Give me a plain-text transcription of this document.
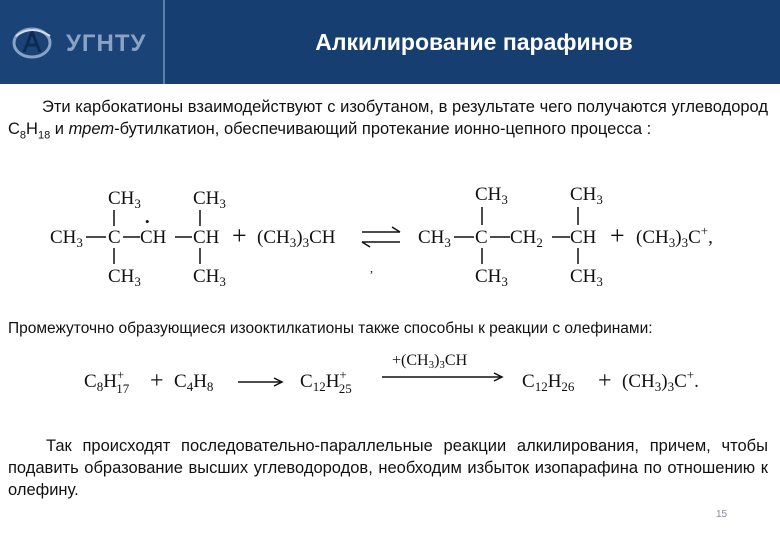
УГНТУ	Алкилирование парафинов
Эти карбокатионы взаимодействуют с изобутаном, в результате чего получаются углеводород $С_8Н_{18}$ и трет-бутилкатион, обеспечивающий протекание ионно-цепного процесса :
$CH_3$	$CH_3$
$CH_3$ C CH
•
CH
$CH_3$	$CH_3$
+ $(CH_3)_3CH$
,
$CH_3$	$CH_3$
$CH_3$ C $CH_2$ CH
$CH_3$	$CH_3$
+ $(CH_3)_3C^+$,
Промежуточно образующиеся изооктилкатионы также способны к реакции с олефинами:
$C_8H^+$ $17 + C_4H_8$	$C_{12}H^+$ 25
+(CH3)3CH
$C_{12}H_{26} + (CH_3)_3C^+$.
Так происходят последовательно-параллельные реакции алкилирования, причем, чтобы подавить образование высших углеводородов, необходим избыток изопарафина по отношению к олефину.
15
